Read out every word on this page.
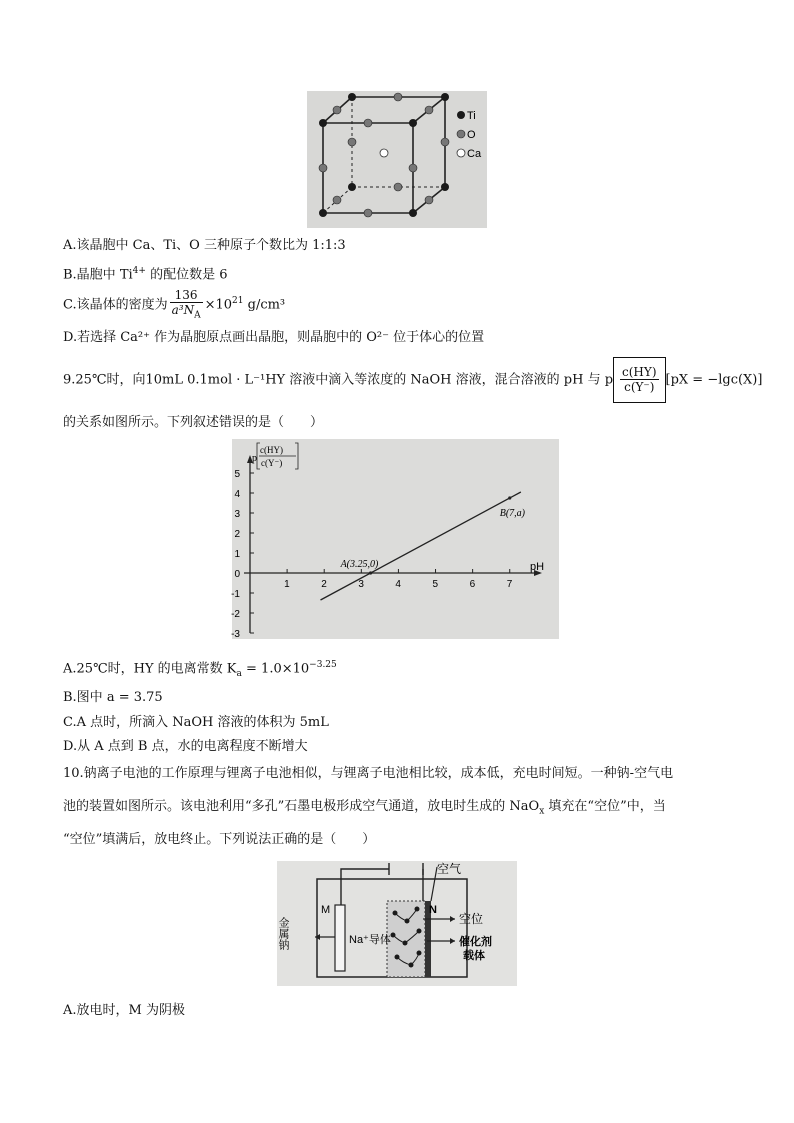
Ti
O
Ca
A.该晶胞中 Ca、Ti、O 三种原子个数比为 1:1:3
B.晶胞中 $Ti^{4+}$ 的配位数是 6
C.该晶体的密度为 $\frac{136}{a^3N_A} \times 10^{21}$ g/cm³
D.若选择 Ca²⁺ 作为晶胞原点画出晶胞，则晶胞中的 O²⁻ 位于体心的位置
9.25℃时，向10mL 0.1mol · L⁻¹HY 溶液中滴入等浓度的 NaOH 溶液，混合溶液的 pH 与 p $\frac{c(HY)}{c(Y^-)} [pX = -\lg c(X)]$
的关系如图所示。下列叙述错误的是（　　）
1	2	3	4	5	6	7
5
4
3
2
1
0
-1
-2
-3
pH
p
c(HY)
c(Y⁻)
A(3.25,0)
B(7,a)
A.25℃时，HY 的电离常数 $K_a = 1.0\times 10^{-3.25}$
B.图中 a = 3.75
C.A 点时，所滴入 NaOH 溶液的体积为 5mL
D.从 A 点到 B 点，水的电离程度不断增大
10.钠离子电池的工作原理与锂离子电池相似，与锂离子电池相比较，成本低，充电时间短。一种钠-空气电
池的装置如图所示。该电池利用“多孔”石墨电极形成空气通道，放电时生成的 NaO$_x$ 填充在“空位”中，当
“空位”填满后，放电终止。下列说法正确的是（　　）
空气
M	N
金属钠	Na⁺导体
空位
催化剂载体
A.放电时，M 为阴极
